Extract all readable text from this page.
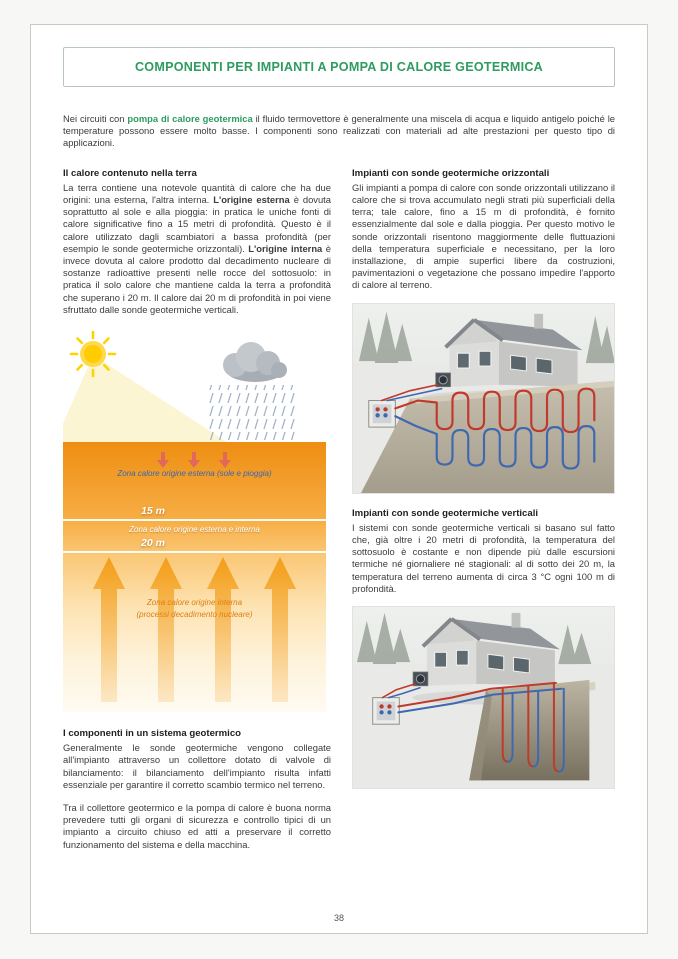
COMPONENTI PER IMPIANTI A POMPA DI CALORE GEOTERMICA

Nei circuiti con pompa di calore geotermica il fluido termovettore è generalmente una miscela di acqua e liquido antigelo poiché le temperature possono essere molto basse. I componenti sono realizzati con materiali ad alte prestazioni per questo tipo di applicazioni.

Il calore contenuto nella terra

La terra contiene una notevole quantità di calore che ha due origini: una esterna, l'altra interna. L'origine esterna è dovuta soprattutto al sole e alla pioggia: in pratica le uniche fonti di calore significative fino a 15 metri di profondità. Questo è il calore utilizzato dagli scambiatori a bassa profondità (per esempio le sonde geotermiche orizzontali). L'origine interna è invece dovuta al calore prodotto dal decadimento nucleare di sostanze radioattive presenti nelle rocce del sottosuolo: in pratica il solo calore che mantiene calda la terra a profondità che superano i 20 m. Il calore dai 20 m di profondità in poi viene sfruttato dalle sonde geotermiche verticali.

Zona calore origine esterna (sole e pioggia)
15 m
Zona calore origine esterna e interna
20 m
Zona calore origine interna
(processi decadimento nucleare)
I componenti in un sistema geotermico

Generalmente le sonde geotermiche vengono collegate all'impianto attraverso un collettore dotato di valvole di bilanciamento: il bilanciamento dell'impianto risulta infatti essenziale per garantire il corretto scambio termico nel terreno.

Tra il collettore geotermico e la pompa di calore è buona norma prevedere tutti gli organi di sicurezza e controllo tipici di un impianto a circuito chiuso ed atti a preservare il corretto funzionamento del sistema e della macchina.

Impianti con sonde geotermiche orizzontali

Gli impianti a pompa di calore con sonde orizzontali utilizzano il calore che si trova accumulato negli strati più superficiali della terra; tale calore, fino a 15 m di profondità, è fornito essenzialmente dal sole e dalla pioggia. Per questo motivo le sonde orizzontali risentono maggiormente delle fluttuazioni della temperatura superficiale e necessitano, per la loro installazione, di ampie superfici libere da costruzioni, pavimentazioni o vegetazione che possano impedire l'apporto di calore al terreno.

Impianti con sonde geotermiche verticali

I sistemi con sonde geotermiche verticali si basano sul fatto che, già oltre i 20 metri di profondità, la temperatura del sottosuolo è costante e non dipende più dalle escursioni termiche né giornaliere né stagionali: al di sotto dei 20 m, la temperatura del terreno aumenta di circa 3 °C ogni 100 m di profondità.

38
